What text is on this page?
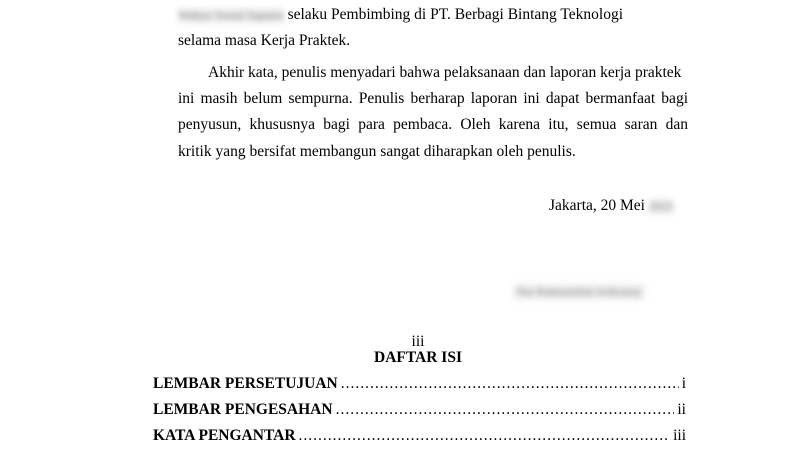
Wahyu Sosial Saputra selaku Pembimbing di PT. Berbagi Bintang Teknologi
selama masa Kerja Praktek.
Akhir kata, penulis menyadari bahwa pelaksanaan dan laporan kerja praktek
ini masih belum sempurna. Penulis berharap laporan ini dapat bermanfaat bagi
penyusun, khususnya bagi para pembaca. Oleh karena itu, semua saran dan
kritik yang bersifat membangun sangat diharapkan oleh penulis.
Jakarta, 20 Mei 2023
Nur Rahmatullah Ardiyansy
iii
DAFTAR ISI
LEMBAR PERSETUJUAN .....	i
LEMBAR PENGESAHAN .....	ii
KATA PENGANTAR .....	iii
